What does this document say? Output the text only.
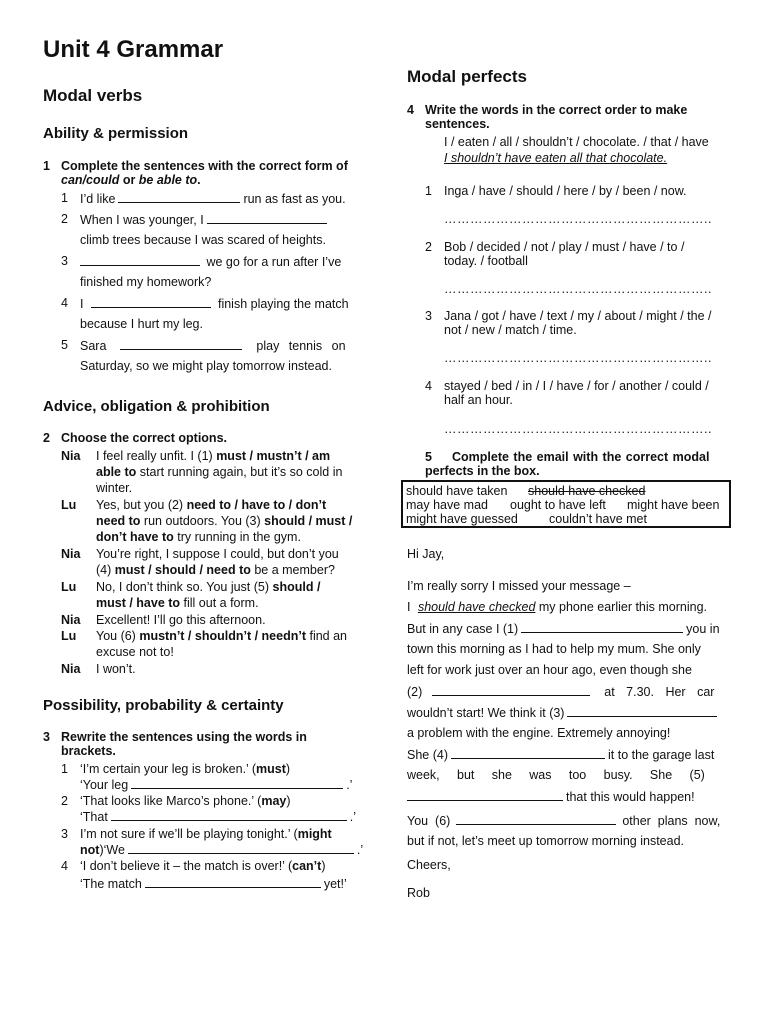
Unit 4 Grammar
Modal verbs
Ability & permission
1 Complete the sentences with the correct form of
can/could or be able to.
1 I’d like	run as fast as you.
2 When I was younger, I
climb trees because I was scared of heights.
3	we go for a run after I’ve
finished my homework?
4 I	finish playing the match
because I hurt my leg.
5 Sara	play tennis on
Saturday, so we might play tomorrow instead.
Advice, obligation & prohibition
2 Choose the correct options.
Nia I feel really unfit. I (1) must / mustn’t / am
able to start running again, but it’s so cold in
winter.
Lu Yes, but you (2) need to / have to / don’t
need to run outdoors. You (3) should / must /
don’t have to try running in the gym.
Nia You’re right, I suppose I could, but don’t you
(4) must / should / need to be a member?
Lu No, I don’t think so. You just (5) should /
must / have to fill out a form.
Nia Excellent! I’ll go this afternoon.
Lu You (6) mustn’t / shouldn’t / needn’t find an
excuse not to!
Nia I won’t.
Possibility, probability & certainty
3 Rewrite the sentences using the words in
brackets.
1 ‘I’m certain your leg is broken.’ (must)
‘Your leg	.’
2 ‘That looks like Marco’s phone.’ (may)
‘That	.’
3 I’m not sure if we’ll be playing tonight.’ (might
not)‘We	.’
4 ‘I don’t believe it – the match is over!’ (can’t)
‘The match	yet!’
Modal perfects
4 Write the words in the correct order to make
sentences.
I / eaten / all / shouldn’t / chocolate. / that / have
I shouldn’t have eaten all that chocolate.
1 Inga / have / should / here / by / been / now.
……………………………………………………..
2 Bob / decided / not / play / must / have / to /
today. / football
……………………………………………………..
3 Jana / got / have / text / my / about / might / the /
not / new / match / time.
……………………………………………………..
4 stayed / bed / in / I / have / for / another / could /
half an hour.
……………………………………………………..
5 Complete the email with the correct modal
perfects in the box.
should have taken should have checked
may have mad ought to have left might have been
might have guessed couldn’t have met
Hi Jay,
I’m really sorry I missed your message –
I should have checked my phone earlier this morning.
But in any case I (1)	you in
town this morning as I had to help my mum. She only
left for work just over an hour ago, even though she
(2)	at 7.30. Her car
wouldn’t start! We think it (3)
a problem with the engine. Extremely annoying!
She (4)	it to the garage last
week,     but     she     was     too     busy.     She     (5)
that this would happen!
You  (6)	other  plans  now,
but if not, let’s meet up tomorrow morning instead.
Cheers,
Rob
